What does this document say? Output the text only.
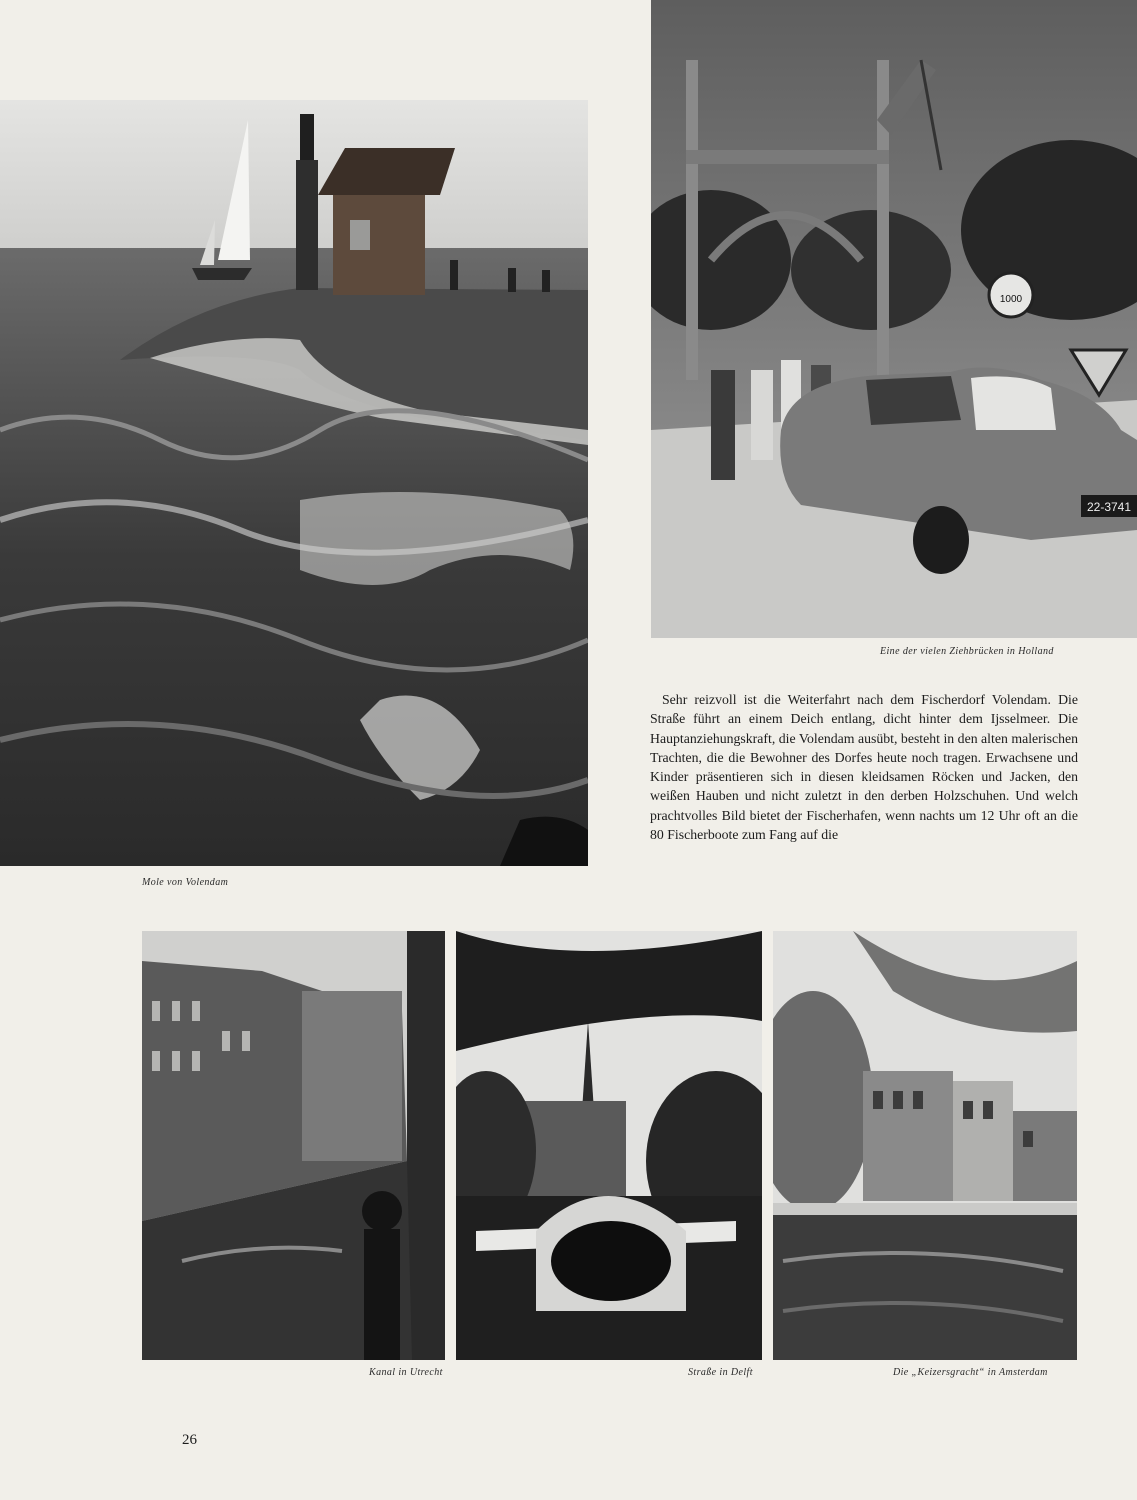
Mole von Volendam
1000
22-3741
Eine der vielen Ziehbrücken in Holland

Sehr reizvoll ist die Weiterfahrt nach dem Fischerdorf Volendam. Die Straße führt an einem Deich entlang, dicht hinter dem Ijsselmeer. Die Hauptanziehungskraft, die Volendam ausübt, besteht in den alten malerischen Trachten, die die Bewohner des Dorfes heute noch tragen. Erwachsene und Kinder präsentieren sich in diesen kleidsamen Röcken und Jacken, den weißen Hauben und nicht zuletzt in den derben Holzschuhen. Und welch prachtvolles Bild bietet der Fischerhafen, wenn nachts um 12 Uhr oft an die 80 Fischerboote zum Fang auf die

Kanal in Utrecht	Straße in Delft	Die „Keizersgracht“ in Amsterdam
26
